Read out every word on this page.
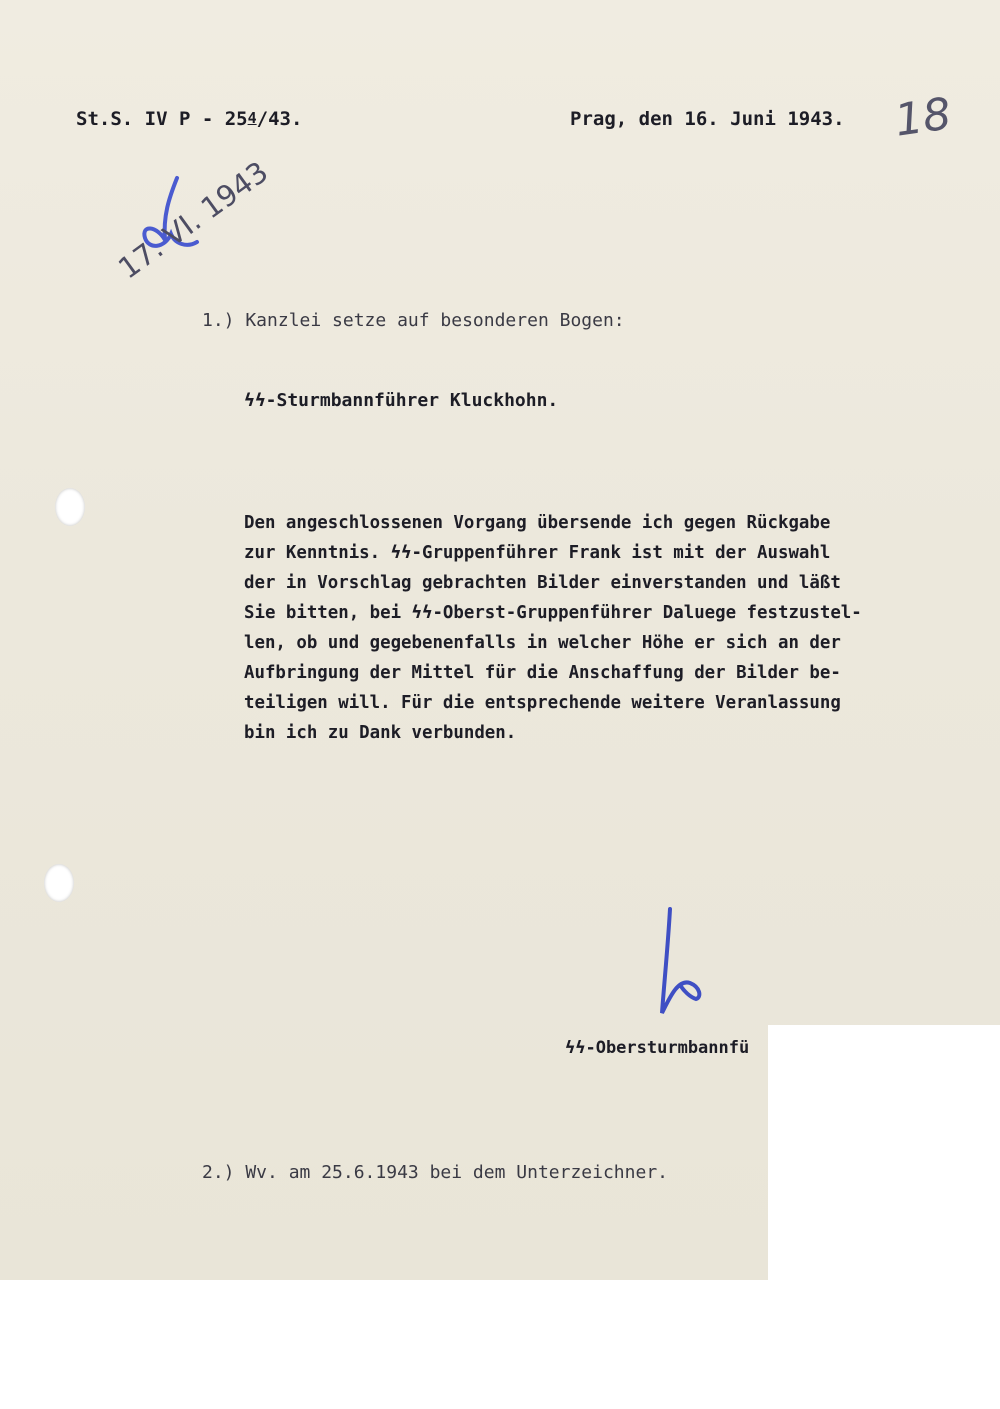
St.S. IV P - $25^4/43$.	Prag, den 16. Juni 1943. 18
17. VI. 1943
1.) Kanzlei setze auf besonderen Bogen:
ϟϟ-Sturmbannführer Kluckhohn.
Den angeschlossenen Vorgang übersende ich gegen Rückgabe
zur Kenntnis. ϟϟ-Gruppenführer Frank ist mit der Auswahl
der in Vorschlag gebrachten Bilder einverstanden und läßt
Sie bitten, bei ϟϟ-Oberst-Gruppenführer Daluege festzustel-
len, ob und gegebenenfalls in welcher Höhe er sich an der
Aufbringung der Mittel für die Anschaffung der Bilder be-
teiligen will. Für die entsprechende weitere Veranlassung
bin ich zu Dank verbunden.
ϟϟ-Obersturmbannfü
2.) Wv. am 25.6.1943 bei dem Unterzeichner.
